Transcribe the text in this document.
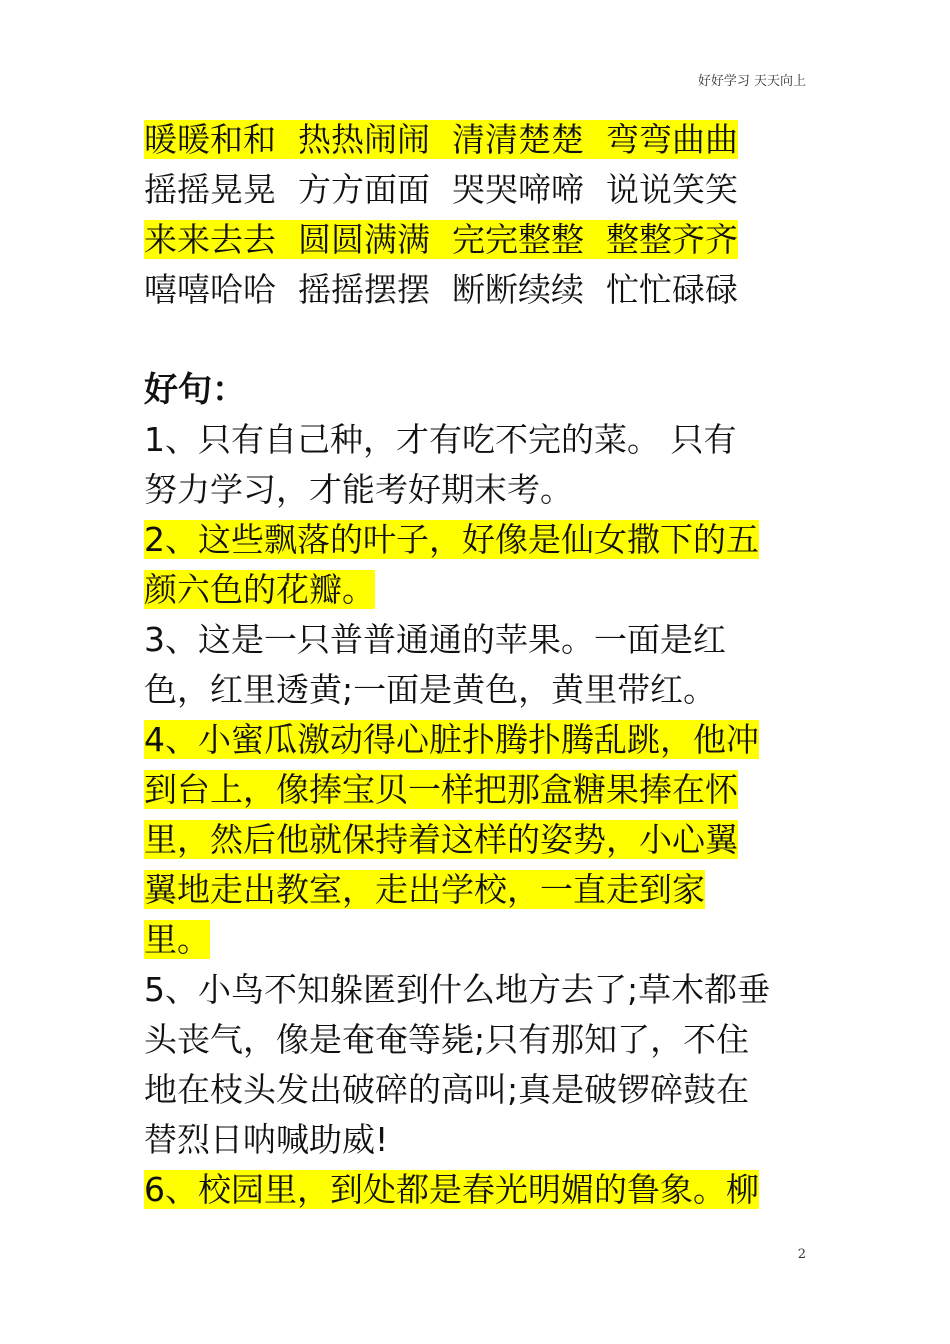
好好学习 天天向上
暖暖和和 热热闹闹 清清楚楚 弯弯曲曲
摇摇晃晃 方方面面 哭哭啼啼 说说笑笑
来来去去 圆圆满满 完完整整 整整齐齐
嘻嘻哈哈 摇摇摆摆 断断续续 忙忙碌碌
好句：
1、只有自己种，才有吃不完的菜。 只有
努力学习，才能考好期末考。
2、这些飘落的叶子，好像是仙女撒下的五
颜六色的花瓣。
3、这是一只普普通通的苹果。一面是红
色，红里透黄;一面是黄色，黄里带红。
4、小蜜瓜激动得心脏扑腾扑腾乱跳，他冲
到台上，像捧宝贝一样把那盒糖果捧在怀
里，然后他就保持着这样的姿势，小心翼
翼地走出教室，走出学校，一直走到家
里。
5、小鸟不知躲匿到什么地方去了;草木都垂
头丧气，像是奄奄等毙;只有那知了，不住
地在枝头发出破碎的高叫;真是破锣碎鼓在
替烈日呐喊助威!
6、校园里，到处都是春光明媚的鲁象。柳
2
